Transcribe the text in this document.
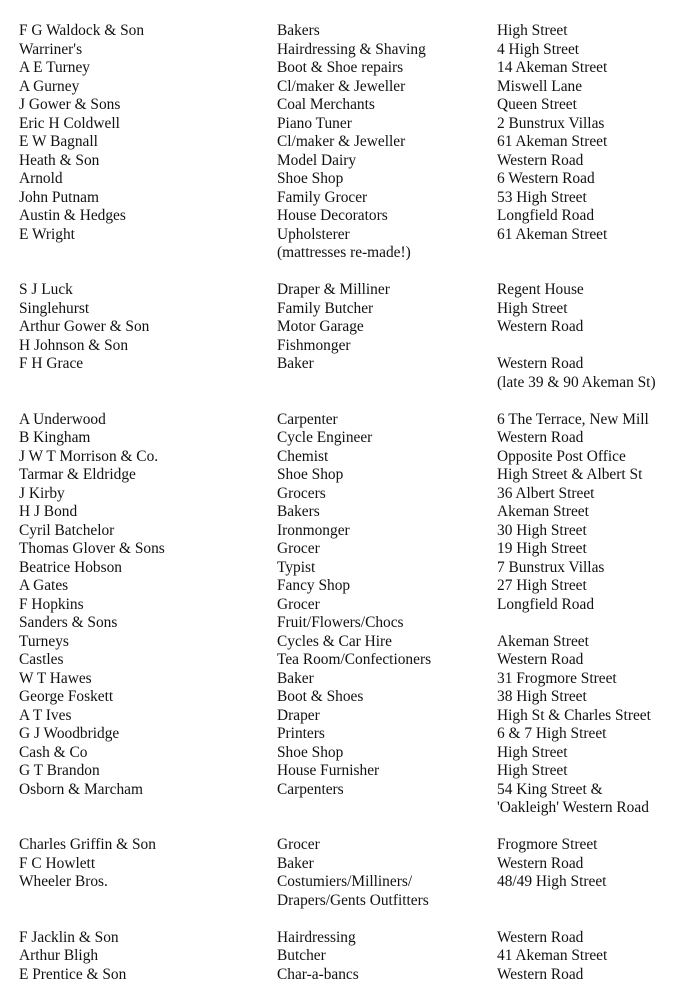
F G Waldock & Son
Warriner's
A E Turney
A Gurney
J Gower & Sons
Eric H Coldwell
E W Bagnall
Heath & Son
Arnold
John Putnam
Austin & Hedges
E Wright
S J Luck
Singlehurst
Arthur Gower & Son
H Johnson & Son
F H Grace
A Underwood
B Kingham
J W T Morrison & Co.
Tarmar & Eldridge
J Kirby
H J Bond
Cyril Batchelor
Thomas Glover & Sons
Beatrice Hobson
A Gates
F Hopkins
Sanders & Sons
Turneys
Castles
W T Hawes
George Foskett
A T Ives
G J Woodbridge
Cash & Co
G T Brandon
Osborn & Marcham
Charles Griffin & Son
F C Howlett
Wheeler Bros.
F Jacklin & Son
Arthur Bligh
E Prentice & Son
Bakers
Hairdressing & Shaving
Boot & Shoe repairs
Cl/maker & Jeweller
Coal Merchants
Piano Tuner
Cl/maker & Jeweller
Model Dairy
Shoe Shop
Family Grocer
House Decorators
Upholsterer
(mattresses re-made!)
Draper & Milliner
Family Butcher
Motor Garage
Fishmonger
Baker
Carpenter
Cycle Engineer
Chemist
Shoe Shop
Grocers
Bakers
Ironmonger
Grocer
Typist
Fancy Shop
Grocer
Fruit/Flowers/Chocs
Cycles & Car Hire
Tea Room/Confectioners
Baker
Boot & Shoes
Draper
Printers
Shoe Shop
House Furnisher
Carpenters
Grocer
Baker
Costumiers/Milliners/
Drapers/Gents Outfitters
Hairdressing
Butcher
Char-a-bancs
High Street
4 High Street
14 Akeman Street
Miswell Lane
Queen Street
2 Bunstrux Villas
61 Akeman Street
Western Road
6 Western Road
53 High Street
Longfield Road
61 Akeman Street
Regent House
High Street
Western Road
Western Road
(late 39 & 90 Akeman St)
6 The Terrace, New Mill
Western Road
Opposite Post Office
High Street & Albert St
36 Albert Street
Akeman Street
30 High Street
19 High Street
7 Bunstrux Villas
27 High Street
Longfield Road
Akeman Street
Western Road
31 Frogmore Street
38 High Street
High St & Charles Street
6 & 7 High Street
High Street
High Street
54 King Street &
'Oakleigh' Western Road
Frogmore Street
Western Road
48/49 High Street
Western Road
41 Akeman Street
Western Road
